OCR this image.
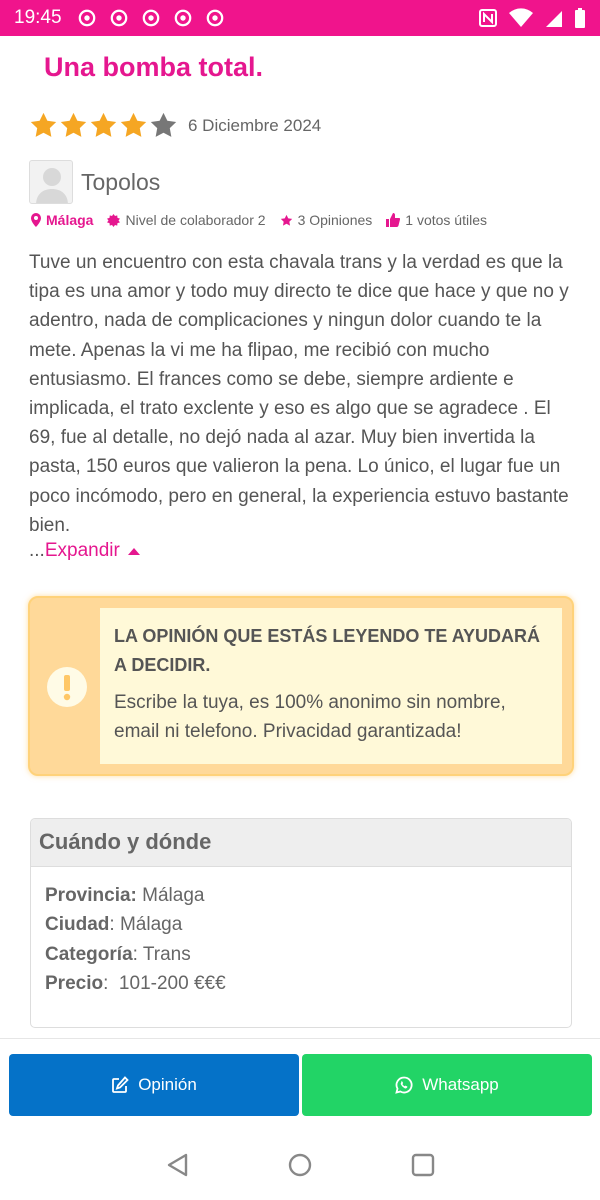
19:45
Una bomba total.
6 Diciembre 2024
Topolos
Málaga Nivel de colaborador 2 3 Opiniones 1 votos útiles

Tuve un encuentro con esta chavala trans y la verdad es que la tipa es una amor y todo muy directo te dice que hace y que no y adentro, nada de complicaciones y ningun dolor cuando te la mete. Apenas la vi me ha flipao, me recibió con mucho entusiasmo. El frances como se debe, siempre ardiente e implicada, el trato exclente y eso es algo que se agradece . El 69, fue al detalle, no dejó nada al azar. Muy bien invertida la pasta, 150 euros que valieron la pena. Lo único, el lugar fue un poco incómodo, pero en general, la experiencia estuvo bastante bien.

... Expandir
LA OPINIÓN QUE ESTÁS LEYENDO TE AYUDARÁ A DECIDIR.
Escribe la tuya, es 100% anonimo sin nombre, email ni telefono. Privacidad garantizada!
Cuándo y dónde
Provincia: Málaga
Ciudad: Málaga
Categoría: Trans
Precio:  101-200 €€€
Opinión	Whatsapp
